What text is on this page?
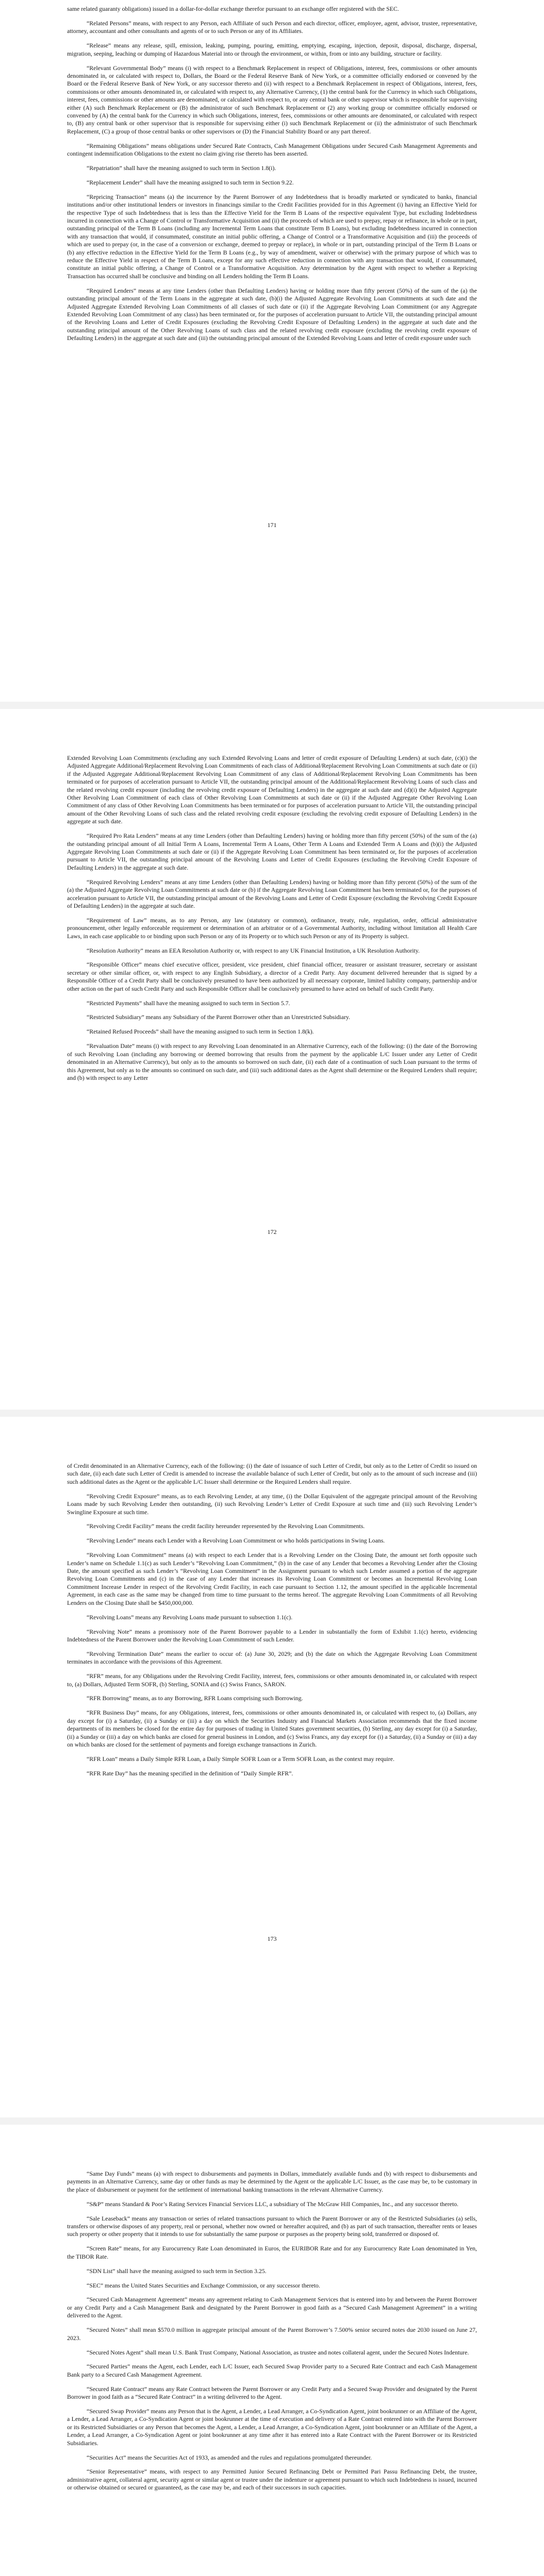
same related guaranty obligations) issued in a dollar-for-dollar exchange therefor pursuant to an exchange offer registered with the SEC.

“Related Persons” means, with respect to any Person, each Affiliate of such Person and each director, officer, employee, agent, advisor, trustee, representative, attorney, accountant and other consultants and agents of or to such Person or any of its Affiliates.

“Release” means any release, spill, emission, leaking, pumping, pouring, emitting, emptying, escaping, injection, deposit, disposal, discharge, dispersal, migration, seeping, leaching or dumping of Hazardous Material into or through the environment, or within, from or into any building, structure or facility.

“Relevant Governmental Body” means (i) with respect to a Benchmark Replacement in respect of Obligations, interest, fees, commissions or other amounts denominated in, or calculated with respect to, Dollars, the Board or the Federal Reserve Bank of New York, or a committee officially endorsed or convened by the Board or the Federal Reserve Bank of New York, or any successor thereto and (ii) with respect to a Benchmark Replacement in respect of Obligations, interest, fees, commissions or other amounts denominated in, or calculated with respect to, any Alternative Currency, (1) the central bank for the Currency in which such Obligations, interest, fees, commissions or other amounts are denominated, or calculated with respect to, or any central bank or other supervisor which is responsible for supervising either (A) such Benchmark Replacement or (B) the administrator of such Benchmark Replacement or (2) any working group or committee officially endorsed or convened by (A) the central bank for the Currency in which such Obligations, interest, fees, commissions or other amounts are denominated, or calculated with respect to, (B) any central bank or other supervisor that is responsible for supervising either (i) such Benchmark Replacement or (ii) the administrator of such Benchmark Replacement, (C) a group of those central banks or other supervisors or (D) the Financial Stability Board or any part thereof.

“Remaining Obligations” means obligations under Secured Rate Contracts, Cash Management Obligations under Secured Cash Management Agreements and contingent indemnification Obligations to the extent no claim giving rise thereto has been asserted.

“Repatriation” shall have the meaning assigned to such term in Section 1.8(i).

“Replacement Lender” shall have the meaning assigned to such term in Section 9.22.

“Repricing Transaction” means (a) the incurrence by the Parent Borrower of any Indebtedness that is broadly marketed or syndicated to banks, financial institutions and/or other institutional lenders or investors in financings similar to the Credit Facilities provided for in this Agreement (i) having an Effective Yield for the respective Type of such Indebtedness that is less than the Effective Yield for the Term B Loans of the respective equivalent Type, but excluding Indebtedness incurred in connection with a Change of Control or Transformative Acquisition and (ii) the proceeds of which are used to prepay, repay or refinance, in whole or in part, outstanding principal of the Term B Loans (including any Incremental Term Loans that constitute Term B Loans), but excluding Indebtedness incurred in connection with any transaction that would, if consummated, constitute an initial public offering, a Change of Control or a Transformative Acquisition and (iii) the proceeds of which are used to prepay (or, in the case of a conversion or exchange, deemed to prepay or replace), in whole or in part, outstanding principal of the Term B Loans or (b) any effective reduction in the Effective Yield for the Term B Loans (e.g., by way of amendment, waiver or otherwise) with the primary purpose of which was to reduce the Effective Yield in respect of the Term B Loans, except for any such effective reduction in connection with any transaction that would, if consummated, constitute an initial public offering, a Change of Control or a Transformative Acquisition. Any determination by the Agent with respect to whether a Repricing Transaction has occurred shall be conclusive and binding on all Lenders holding the Term B Loans.

“Required Lenders” means at any time Lenders (other than Defaulting Lenders) having or holding more than fifty percent (50%) of the sum of the (a) the outstanding principal amount of the Term Loans in the aggregate at such date, (b)(i) the Adjusted Aggregate Revolving Loan Commitments at such date and the Adjusted Aggregate Extended Revolving Loan Commitments of all classes of such date or (ii) if the Aggregate Revolving Loan Commitment (or any Aggregate Extended Revolving Loan Commitment of any class) has been terminated or, for the purposes of acceleration pursuant to Article VII, the outstanding principal amount of the Revolving Loans and Letter of Credit Exposures (excluding the Revolving Credit Exposure of Defaulting Lenders) in the aggregate at such date and the outstanding principal amount of the Other Revolving Loans of such class and the related revolving credit exposure (excluding the revolving credit exposure of Defaulting Lenders) in the aggregate at such date and (iii) the outstanding principal amount of the Extended Revolving Loans and letter of credit exposure under such

171

Extended Revolving Loan Commitments (excluding any such Extended Revolving Loans and letter of credit exposure of Defaulting Lenders) at such date, (c)(i) the Adjusted Aggregate Additional/Replacement Revolving Loan Commitments of each class of Additional/Replacement Revolving Loan Commitments at such date or (ii) if the Adjusted Aggregate Additional/Replacement Revolving Loan Commitment of any class of Additional/Replacement Revolving Loan Commitments has been terminated or for purposes of acceleration pursuant to Article VII, the outstanding principal amount of the Additional/Replacement Revolving Loans of such class and the related revolving credit exposure (including the revolving credit exposure of Defaulting Lenders) in the aggregate at such date and (d)(i) the Adjusted Aggregate Other Revolving Loan Commitment of each class of Other Revolving Loan Commitments at such date or (ii) if the Adjusted Aggregate Other Revolving Loan Commitment of any class of Other Revolving Loan Commitments has been terminated or for purposes of acceleration pursuant to Article VII, the outstanding principal amount of the Other Revolving Loans of such class and the related revolving credit exposure (excluding the revolving credit exposure of Defaulting Lenders) in the aggregate at such date.

“Required Pro Rata Lenders” means at any time Lenders (other than Defaulting Lenders) having or holding more than fifty percent (50%) of the sum of the (a) the outstanding principal amount of all Initial Term A Loans, Incremental Term A Loans, Other Term A Loans and Extended Term A Loans and (b)(i) the Adjusted Aggregate Revolving Loan Commitments at such date or (ii) if the Aggregate Revolving Loan Commitment has been terminated or, for the purposes of acceleration pursuant to Article VII, the outstanding principal amount of the Revolving Loans and Letter of Credit Exposures (excluding the Revolving Credit Exposure of Defaulting Lenders) in the aggregate at such date.

“Required Revolving Lenders” means at any time Lenders (other than Defaulting Lenders) having or holding more than fifty percent (50%) of the sum of the (a) the Adjusted Aggregate Revolving Loan Commitments at such date or (b) if the Aggregate Revolving Loan Commitment has been terminated or, for the purposes of acceleration pursuant to Article VII, the outstanding principal amount of the Revolving Loans and Letter of Credit Exposure (excluding the Revolving Credit Exposure of Defaulting Lenders) in the aggregate at such date.

“Requirement of Law” means, as to any Person, any law (statutory or common), ordinance, treaty, rule, regulation, order, official administrative pronouncement, other legally enforceable requirement or determination of an arbitrator or of a Governmental Authority, including without limitation all Health Care Laws, in each case applicable to or binding upon such Person or any of its Property or to which such Person or any of its Property is subject.

“Resolution Authority” means an EEA Resolution Authority or, with respect to any UK Financial Institution, a UK Resolution Authority.

“Responsible Officer” means chief executive officer, president, vice president, chief financial officer, treasurer or assistant treasurer, secretary or assistant secretary or other similar officer, or, with respect to any English Subsidiary, a director of a Credit Party. Any document delivered hereunder that is signed by a Responsible Officer of a Credit Party shall be conclusively presumed to have been authorized by all necessary corporate, limited liability company, partnership and/or other action on the part of such Credit Party and such Responsible Officer shall be conclusively presumed to have acted on behalf of such Credit Party.

“Restricted Payments” shall have the meaning assigned to such term in Section 5.7.

“Restricted Subsidiary” means any Subsidiary of the Parent Borrower other than an Unrestricted Subsidiary.

“Retained Refused Proceeds” shall have the meaning assigned to such term in Section 1.8(k).

“Revaluation Date” means (i) with respect to any Revolving Loan denominated in an Alternative Currency, each of the following: (i) the date of the Borrowing of such Revolving Loan (including any borrowing or deemed borrowing that results from the payment by the applicable L/C Issuer under any Letter of Credit denominated in an Alternative Currency), but only as to the amounts so borrowed on such date, (ii) each date of a continuation of such Loan pursuant to the terms of this Agreement, but only as to the amounts so continued on such date, and (iii) such additional dates as the Agent shall determine or the Required Lenders shall require; and (b) with respect to any Letter

172

of Credit denominated in an Alternative Currency, each of the following: (i) the date of issuance of such Letter of Credit, but only as to the Letter of Credit so issued on such date, (ii) each date such Letter of Credit is amended to increase the available balance of such Letter of Credit, but only as to the amount of such increase and (iii) such additional dates as the Agent or the applicable L/C Issuer shall determine or the Required Lenders shall require.

“Revolving Credit Exposure” means, as to each Revolving Lender, at any time, (i) the Dollar Equivalent of the aggregate principal amount of the Revolving Loans made by such Revolving Lender then outstanding, (ii) such Revolving Lender’s Letter of Credit Exposure at such time and (iii) such Revolving Lender’s Swingline Exposure at such time.

“Revolving Credit Facility” means the credit facility hereunder represented by the Revolving Loan Commitments.

“Revolving Lender” means each Lender with a Revolving Loan Commitment or who holds participations in Swing Loans.

“Revolving Loan Commitment” means (a) with respect to each Lender that is a Revolving Lender on the Closing Date, the amount set forth opposite such Lender’s name on Schedule 1.1(c) as such Lender’s “Revolving Loan Commitment,” (b) in the case of any Lender that becomes a Revolving Lender after the Closing Date, the amount specified as such Lender’s “Revolving Loan Commitment” in the Assignment pursuant to which such Lender assumed a portion of the aggregate Revolving Loan Commitments and (c) in the case of any Lender that increases its Revolving Loan Commitment or becomes an Incremental Revolving Loan Commitment Increase Lender in respect of the Revolving Credit Facility, in each case pursuant to Section 1.12, the amount specified in the applicable Incremental Agreement, in each case as the same may be changed from time to time pursuant to the terms hereof. The aggregate Revolving Loan Commitments of all Revolving Lenders on the Closing Date shall be $450,000,000.

“Revolving Loans” means any Revolving Loans made pursuant to subsection 1.1(c).

“Revolving Note” means a promissory note of the Parent Borrower payable to a Lender in substantially the form of Exhibit 1.1(c) hereto, evidencing Indebtedness of the Parent Borrower under the Revolving Loan Commitment of such Lender.

“Revolving Termination Date” means the earlier to occur of: (a) June 30, 2029; and (b) the date on which the Aggregate Revolving Loan Commitment terminates in accordance with the provisions of this Agreement.

“RFR” means, for any Obligations under the Revolving Credit Facility, interest, fees, commissions or other amounts denominated in, or calculated with respect to, (a) Dollars, Adjusted Term SOFR, (b) Sterling, SONIA and (c) Swiss Francs, SARON.

“RFR Borrowing” means, as to any Borrowing, RFR Loans comprising such Borrowing.

“RFR Business Day” means, for any Obligations, interest, fees, commissions or other amounts denominated in, or calculated with respect to, (a) Dollars, any day except for (i) a Saturday, (ii) a Sunday or (iii) a day on which the Securities Industry and Financial Markets Association recommends that the fixed income departments of its members be closed for the entire day for purposes of trading in United States government securities, (b) Sterling, any day except for (i) a Saturday, (ii) a Sunday or (iii) a day on which banks are closed for general business in London, and (c) Swiss Francs, any day except for (i) a Saturday, (ii) a Sunday or (iii) a day on which banks are closed for the settlement of payments and foreign exchange transactions in Zurich.

“RFR Loan” means a Daily Simple RFR Loan, a Daily Simple SOFR Loan or a Term SOFR Loan, as the context may require.

“RFR Rate Day” has the meaning specified in the definition of “Daily Simple RFR”.

173

“Same Day Funds” means (a) with respect to disbursements and payments in Dollars, immediately available funds and (b) with respect to disbursements and payments in an Alternative Currency, same day or other funds as may be determined by the Agent or the applicable L/C Issuer, as the case may be, to be customary in the place of disbursement or payment for the settlement of international banking transactions in the relevant Alternative Currency.

“S&P” means Standard & Poor’s Rating Services Financial Services LLC, a subsidiary of The McGraw Hill Companies, Inc., and any successor thereto.

“Sale Leaseback” means any transaction or series of related transactions pursuant to which the Parent Borrower or any of the Restricted Subsidiaries (a) sells, transfers or otherwise disposes of any property, real or personal, whether now owned or hereafter acquired, and (b) as part of such transaction, thereafter rents or leases such property or other property that it intends to use for substantially the same purpose or purposes as the property being sold, transferred or disposed of.

“Screen Rate” means, for any Eurocurrency Rate Loan denominated in Euros, the EURIBOR Rate and for any Eurocurrency Rate Loan denominated in Yen, the TIBOR Rate.

“SDN List” shall have the meaning assigned to such term in Section 3.25.

“SEC” means the United States Securities and Exchange Commission, or any successor thereto.

“Secured Cash Management Agreement” means any agreement relating to Cash Management Services that is entered into by and between the Parent Borrower or any Credit Party and a Cash Management Bank and designated by the Parent Borrower in good faith as a “Secured Cash Management Agreement” in a writing delivered to the Agent.

“Secured Notes” shall mean $570.0 million in aggregate principal amount of the Parent Borrower’s 7.500% senior secured notes due 2030 issued on June 27, 2023.

“Secured Notes Agent” shall mean U.S. Bank Trust Company, National Association, as trustee and notes collateral agent, under the Secured Notes Indenture.

“Secured Parties” means the Agent, each Lender, each L/C Issuer, each Secured Swap Provider party to a Secured Rate Contract and each Cash Management Bank party to a Secured Cash Management Agreement.

“Secured Rate Contract” means any Rate Contract between the Parent Borrower or any Credit Party and a Secured Swap Provider and designated by the Parent Borrower in good faith as a “Secured Rate Contract” in a writing delivered to the Agent.

“Secured Swap Provider” means any Person that is the Agent, a Lender, a Lead Arranger, a Co-Syndication Agent, joint bookrunner or an Affiliate of the Agent, a Lender, a Lead Arranger, a Co-Syndication Agent or joint bookrunner at the time of execution and delivery of a Rate Contract entered into with the Parent Borrower or its Restricted Subsidiaries or any Person that becomes the Agent, a Lender, a Lead Arranger, a Co-Syndication Agent, joint bookrunner or an Affiliate of the Agent, a Lender, a Lead Arranger, a Co-Syndication Agent or joint bookrunner at any time after it has entered into a Rate Contract with the Parent Borrower or its Restricted Subsidiaries.

“Securities Act” means the Securities Act of 1933, as amended and the rules and regulations promulgated thereunder.

“Senior Representative” means, with respect to any Permitted Junior Secured Refinancing Debt or Permitted Pari Passu Refinancing Debt, the trustee, administrative agent, collateral agent, security agent or similar agent or trustee under the indenture or agreement pursuant to which such Indebtedness is issued, incurred or otherwise obtained or secured or guaranteed, as the case may be, and each of their successors in such capacities.
